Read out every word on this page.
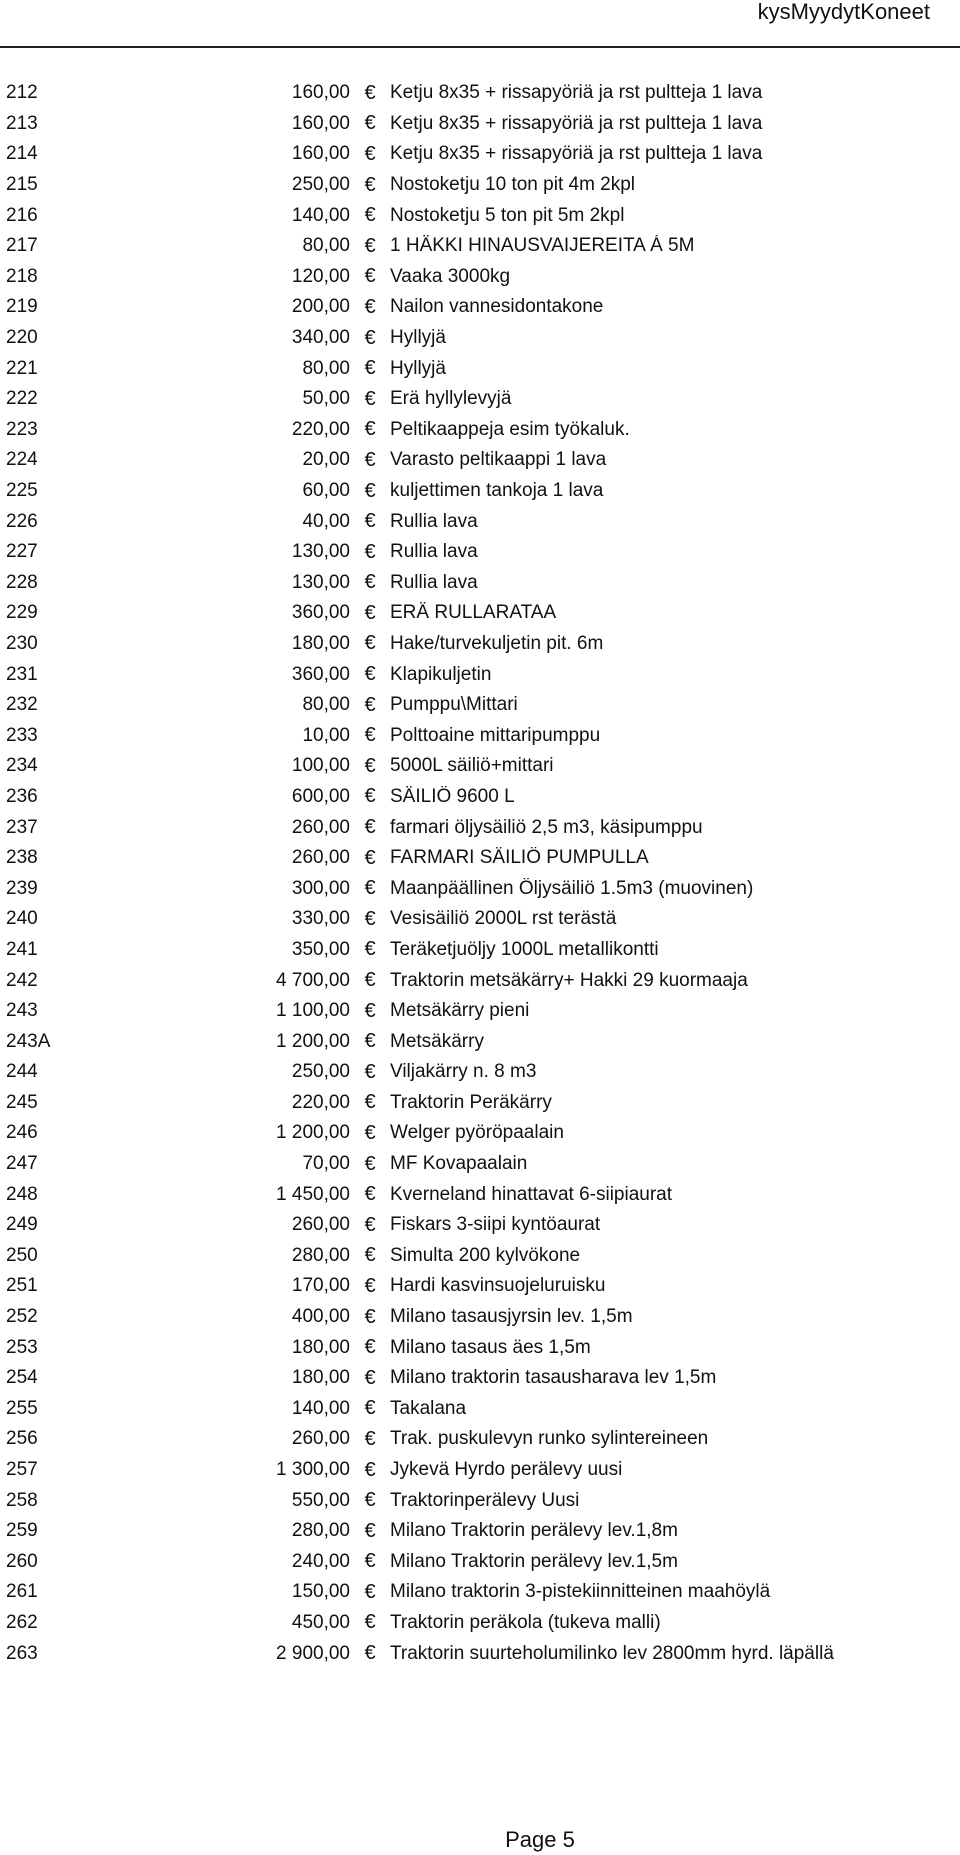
kysMyydytKoneet
212	160,00 € Ketju 8x35 + rissapyöriä ja rst pultteja 1 lava
213	160,00 € Ketju 8x35 + rissapyöriä ja rst pultteja 1 lava
214	160,00 € Ketju 8x35 + rissapyöriä ja rst pultteja 1 lava
215	250,00 € Nostoketju 10 ton pit 4m 2kpl
216	140,00 € Nostoketju 5 ton pit 5m 2kpl
217	80,00 € 1 HÄKKI HINAUSVAIJEREITA Á 5M
218	120,00 € Vaaka 3000kg
219	200,00 € Nailon vannesidontakone
220	340,00 € Hyllyjä
221	80,00 € Hyllyjä
222	50,00 € Erä hyllylevyjä
223	220,00 € Peltikaappeja esim työkaluk.
224	20,00 € Varasto peltikaappi 1 lava
225	60,00 € kuljettimen tankoja 1 lava
226	40,00 € Rullia lava
227	130,00 € Rullia lava
228	130,00 € Rullia lava
229	360,00 € ERÄ RULLARATAA
230	180,00 € Hake/turvekuljetin pit. 6m
231	360,00 € Klapikuljetin
232	80,00 € Pumppu\Mittari
233	10,00 € Polttoaine mittaripumppu
234	100,00 € 5000L säiliö+mittari
236	600,00 € SÄILIÖ 9600 L
237	260,00 € farmari öljysäiliö 2,5 m3, käsipumppu
238	260,00 € FARMARI SÄILIÖ PUMPULLA
239	300,00 € Maanpäällinen Öljysäiliö 1.5m3 (muovinen)
240	330,00 € Vesisäiliö 2000L rst terästä
241	350,00 € Teräketjuöljy 1000L metallikontti
242	4 700,00 € Traktorin metsäkärry+ Hakki 29 kuormaaja
243	1 100,00 € Metsäkärry pieni
243A	1 200,00 € Metsäkärry
244	250,00 € Viljakärry n. 8 m3
245	220,00 € Traktorin Peräkärry
246	1 200,00 € Welger pyöröpaalain
247	70,00 € MF Kovapaalain
248	1 450,00 € Kverneland hinattavat 6-siipiaurat
249	260,00 € Fiskars 3-siipi kyntöaurat
250	280,00 € Simulta 200 kylvökone
251	170,00 € Hardi kasvinsuojeluruisku
252	400,00 € Milano tasausjyrsin lev. 1,5m
253	180,00 € Milano tasaus äes 1,5m
254	180,00 € Milano traktorin tasausharava lev 1,5m
255	140,00 € Takalana
256	260,00 € Trak. puskulevyn runko sylintereineen
257	1 300,00 € Jykevä Hyrdo perälevy uusi
258	550,00 € Traktorinperälevy Uusi
259	280,00 € Milano Traktorin perälevy lev.1,8m
260	240,00 € Milano Traktorin perälevy lev.1,5m
261	150,00 € Milano traktorin 3-pistekiinnitteinen maahöylä
262	450,00 € Traktorin peräkola (tukeva malli)
263	2 900,00 € Traktorin suurteholumilinko lev 2800mm hyrd. läpällä
Page 5
